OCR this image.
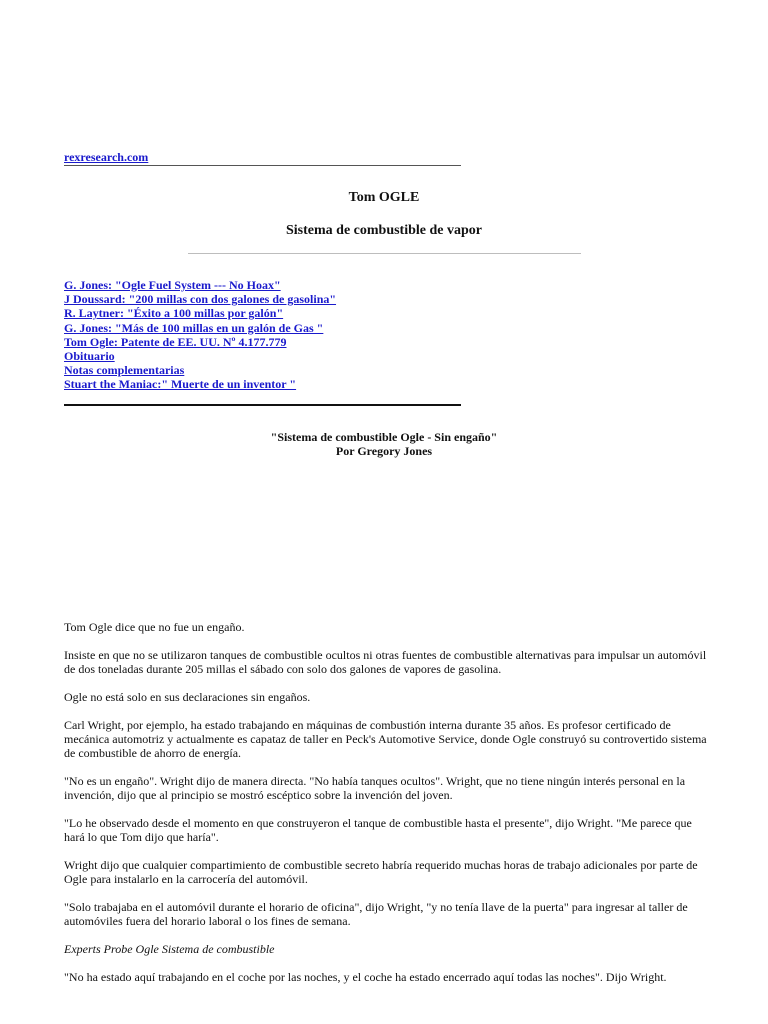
rexresearch.com
Tom OGLE
Sistema de combustible de vapor
G. Jones: "Ogle Fuel System --- No Hoax"
J Doussard: "200 millas con dos galones de gasolina"
R. Laytner: "Éxito a 100 millas por galón"
G. Jones: "Más de 100 millas en un galón de Gas "
Tom Ogle: Patente de EE. UU. Nº 4.177.779
Obituario
Notas complementarias
Stuart the Maniac:" Muerte de un inventor "
"Sistema de combustible Ogle - Sin engaño"
Por Gregory Jones

Tom Ogle dice que no fue un engaño.

Insiste en que no se utilizaron tanques de combustible ocultos ni otras fuentes de combustible alternativas para impulsar un automóvil de dos toneladas durante 205 millas el sábado con solo dos galones de vapores de gasolina.

Ogle no está solo en sus declaraciones sin engaños.

Carl Wright, por ejemplo, ha estado trabajando en máquinas de combustión interna durante 35 años. Es profesor certificado de mecánica automotriz y actualmente es capataz de taller en Peck's Automotive Service, donde Ogle construyó su controvertido sistema de combustible de ahorro de energía.

"No es un engaño". Wright dijo de manera directa. "No había tanques ocultos". Wright, que no tiene ningún interés personal en la invención, dijo que al principio se mostró escéptico sobre la invención del joven.

"Lo he observado desde el momento en que construyeron el tanque de combustible hasta el presente", dijo Wright. "Me parece que hará lo que Tom dijo que haría".

Wright dijo que cualquier compartimiento de combustible secreto habría requerido muchas horas de trabajo adicionales por parte de Ogle para instalarlo en la carrocería del automóvil.

"Solo trabajaba en el automóvil durante el horario de oficina", dijo Wright, "y no tenía llave de la puerta" para ingresar al taller de automóviles fuera del horario laboral o los fines de semana.

Experts Probe Ogle Sistema de combustible

"No ha estado aquí trabajando en el coche por las noches, y el coche ha estado encerrado aquí todas las noches". Dijo Wright.
